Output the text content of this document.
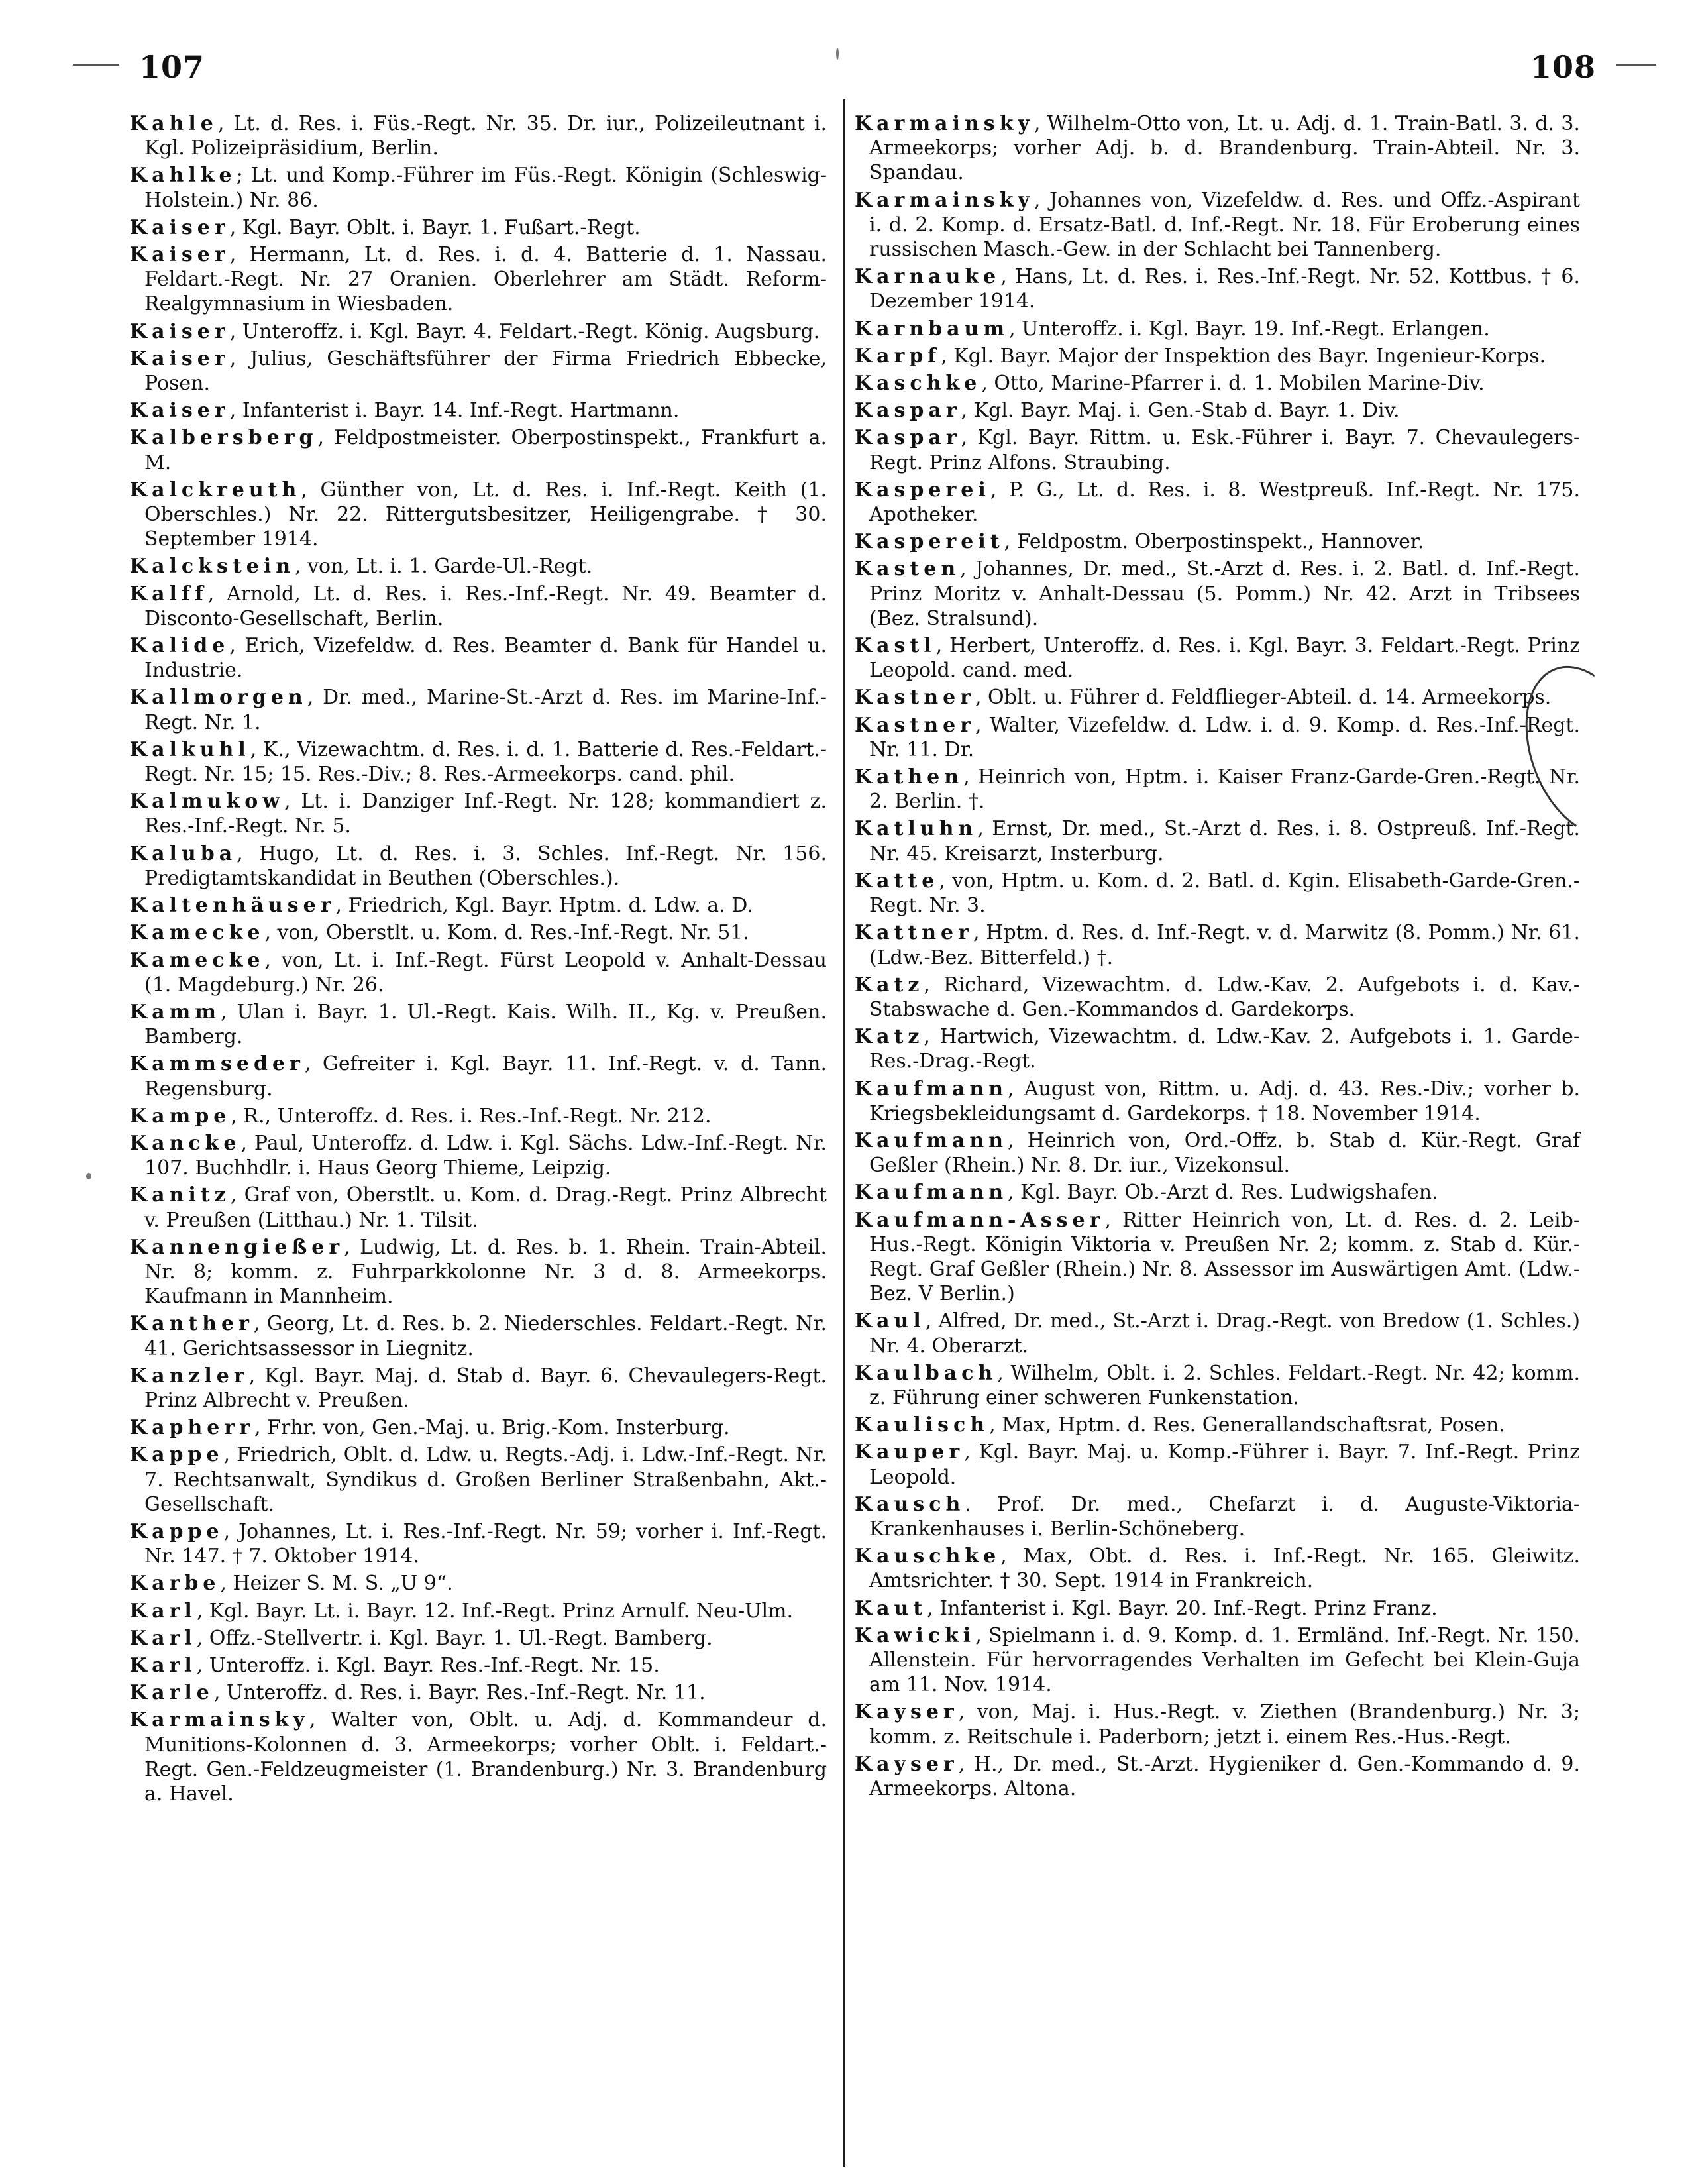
107	108

Kahle, Lt. d. Res. i. Füs.-Regt. Nr. 35. Dr. iur., Polizeileutnant i. Kgl. Polizeipräsidium, Berlin.

Kahlke; Lt. und Komp.-Führer im Füs.-Regt. Königin (Schleswig-Holstein.) Nr. 86.

Kaiser, Kgl. Bayr. Oblt. i. Bayr. 1. Fußart.-Regt.

Kaiser, Hermann, Lt. d. Res. i. d. 4. Batterie d. 1. Nassau. Feldart.-Regt. Nr. 27 Oranien. Oberlehrer am Städt. Reform-Realgymnasium in Wiesbaden.

Kaiser, Unteroffz. i. Kgl. Bayr. 4. Feldart.-Regt. König. Augsburg.

Kaiser, Julius, Geschäftsführer der Firma Friedrich Ebbecke, Posen.

Kaiser, Infanterist i. Bayr. 14. Inf.-Regt. Hartmann.

Kalbersberg, Feldpostmeister. Oberpostinspekt., Frankfurt a. M.

Kalckreuth, Günther von, Lt. d. Res. i. Inf.-Regt. Keith (1. Oberschles.) Nr. 22. Rittergutsbesitzer, Heiligengrabe. † 30. September 1914.

Kalckstein, von, Lt. i. 1. Garde-Ul.-Regt.

Kalff, Arnold, Lt. d. Res. i. Res.-Inf.-Regt. Nr. 49. Beamter d. Disconto-Gesellschaft, Berlin.

Kalide, Erich, Vizefeldw. d. Res. Beamter d. Bank für Handel u. Industrie.

Kallmorgen, Dr. med., Marine-St.-Arzt d. Res. im Marine-Inf.-Regt. Nr. 1.

Kalkuhl, K., Vizewachtm. d. Res. i. d. 1. Batterie d. Res.-Feldart.-Regt. Nr. 15; 15. Res.-Div.; 8. Res.-Armeekorps. cand. phil.

Kalmukow, Lt. i. Danziger Inf.-Regt. Nr. 128; kommandiert z. Res.-Inf.-Regt. Nr. 5.

Kaluba, Hugo, Lt. d. Res. i. 3. Schles. Inf.-Regt. Nr. 156. Predigtamtskandidat in Beuthen (Oberschles.).

Kaltenhäuser, Friedrich, Kgl. Bayr. Hptm. d. Ldw. a. D.

Kamecke, von, Oberstlt. u. Kom. d. Res.-Inf.-Regt. Nr. 51.

Kamecke, von, Lt. i. Inf.-Regt. Fürst Leopold v. Anhalt-Dessau (1. Magdeburg.) Nr. 26.

Kamm, Ulan i. Bayr. 1. Ul.-Regt. Kais. Wilh. II., Kg. v. Preußen. Bamberg.

Kammseder, Gefreiter i. Kgl. Bayr. 11. Inf.-Regt. v. d. Tann. Regensburg.

Kampe, R., Unteroffz. d. Res. i. Res.-Inf.-Regt. Nr. 212.

Kancke, Paul, Unteroffz. d. Ldw. i. Kgl. Sächs. Ldw.-Inf.-Regt. Nr. 107. Buchhdlr. i. Haus Georg Thieme, Leipzig.

Kanitz, Graf von, Oberstlt. u. Kom. d. Drag.-Regt. Prinz Albrecht v. Preußen (Litthau.) Nr. 1. Tilsit.

Kannengießer, Ludwig, Lt. d. Res. b. 1. Rhein. Train-Abteil. Nr. 8; komm. z. Fuhrparkkolonne Nr. 3 d. 8. Armeekorps. Kaufmann in Mannheim.

Kanther, Georg, Lt. d. Res. b. 2. Niederschles. Feldart.-Regt. Nr. 41. Gerichtsassessor in Liegnitz.

Kanzler, Kgl. Bayr. Maj. d. Stab d. Bayr. 6. Chevaulegers-Regt. Prinz Albrecht v. Preußen.

Kapherr, Frhr. von, Gen.-Maj. u. Brig.-Kom. Insterburg.

Kappe, Friedrich, Oblt. d. Ldw. u. Regts.-Adj. i. Ldw.-Inf.-Regt. Nr. 7. Rechtsanwalt, Syndikus d. Großen Berliner Straßenbahn, Akt.-Gesellschaft.

Kappe, Johannes, Lt. i. Res.-Inf.-Regt. Nr. 59; vorher i. Inf.-Regt. Nr. 147. † 7. Oktober 1914.

Karbe, Heizer S. M. S. „U 9“.

Karl, Kgl. Bayr. Lt. i. Bayr. 12. Inf.-Regt. Prinz Arnulf. Neu-Ulm.

Karl, Offz.-Stellvertr. i. Kgl. Bayr. 1. Ul.-Regt. Bamberg.

Karl, Unteroffz. i. Kgl. Bayr. Res.-Inf.-Regt. Nr. 15.

Karle, Unteroffz. d. Res. i. Bayr. Res.-Inf.-Regt. Nr. 11.

Karmainsky, Walter von, Oblt. u. Adj. d. Kommandeur d. Munitions-Kolonnen d. 3. Armeekorps; vorher Oblt. i. Feldart.-Regt. Gen.-Feldzeugmeister (1. Brandenburg.) Nr. 3. Brandenburg a. Havel.

Karmainsky, Wilhelm-Otto von, Lt. u. Adj. d. 1. Train-Batl. 3. d. 3. Armeekorps; vorher Adj. b. d. Brandenburg. Train-Abteil. Nr. 3. Spandau.

Karmainsky, Johannes von, Vizefeldw. d. Res. und Offz.-Aspirant i. d. 2. Komp. d. Ersatz-Batl. d. Inf.-Regt. Nr. 18. Für Eroberung eines russischen Masch.-Gew. in der Schlacht bei Tannenberg.

Karnauke, Hans, Lt. d. Res. i. Res.-Inf.-Regt. Nr. 52. Kottbus. † 6. Dezember 1914.

Karnbaum, Unteroffz. i. Kgl. Bayr. 19. Inf.-Regt. Erlangen.

Karpf, Kgl. Bayr. Major der Inspektion des Bayr. Ingenieur-Korps.

Kaschke, Otto, Marine-Pfarrer i. d. 1. Mobilen Marine-Div.

Kaspar, Kgl. Bayr. Maj. i. Gen.-Stab d. Bayr. 1. Div.

Kaspar, Kgl. Bayr. Rittm. u. Esk.-Führer i. Bayr. 7. Chevaulegers-Regt. Prinz Alfons. Straubing.

Kasperei, P. G., Lt. d. Res. i. 8. Westpreuß. Inf.-Regt. Nr. 175. Apotheker.

Kaspereit, Feldpostm. Oberpostinspekt., Hannover.

Kasten, Johannes, Dr. med., St.-Arzt d. Res. i. 2. Batl. d. Inf.-Regt. Prinz Moritz v. Anhalt-Dessau (5. Pomm.) Nr. 42. Arzt in Tribsees (Bez. Stralsund).

Kastl, Herbert, Unteroffz. d. Res. i. Kgl. Bayr. 3. Feldart.-Regt. Prinz Leopold. cand. med.

Kastner, Oblt. u. Führer d. Feldflieger-Abteil. d. 14. Armeekorps.

Kastner, Walter, Vizefeldw. d. Ldw. i. d. 9. Komp. d. Res.-Inf.-Regt. Nr. 11. Dr.

Kathen, Heinrich von, Hptm. i. Kaiser Franz-Garde-Gren.-Regt. Nr. 2. Berlin. †.

Katluhn, Ernst, Dr. med., St.-Arzt d. Res. i. 8. Ostpreuß. Inf.-Regt. Nr. 45. Kreisarzt, Insterburg.

Katte, von, Hptm. u. Kom. d. 2. Batl. d. Kgin. Elisabeth-Garde-Gren.-Regt. Nr. 3.

Kattner, Hptm. d. Res. d. Inf.-Regt. v. d. Marwitz (8. Pomm.) Nr. 61. (Ldw.-Bez. Bitterfeld.) †.

Katz, Richard, Vizewachtm. d. Ldw.-Kav. 2. Aufgebots i. d. Kav.-Stabswache d. Gen.-Kommandos d. Gardekorps.

Katz, Hartwich, Vizewachtm. d. Ldw.-Kav. 2. Aufgebots i. 1. Garde-Res.-Drag.-Regt.

Kaufmann, August von, Rittm. u. Adj. d. 43. Res.-Div.; vorher b. Kriegsbekleidungsamt d. Gardekorps. † 18. November 1914.

Kaufmann, Heinrich von, Ord.-Offz. b. Stab d. Kür.-Regt. Graf Geßler (Rhein.) Nr. 8. Dr. iur., Vizekonsul.

Kaufmann, Kgl. Bayr. Ob.-Arzt d. Res. Ludwigshafen.

Kaufmann-Asser, Ritter Heinrich von, Lt. d. Res. d. 2. Leib-Hus.-Regt. Königin Viktoria v. Preußen Nr. 2; komm. z. Stab d. Kür.-Regt. Graf Geßler (Rhein.) Nr. 8. Assessor im Auswärtigen Amt. (Ldw.-Bez. V Berlin.)

Kaul, Alfred, Dr. med., St.-Arzt i. Drag.-Regt. von Bredow (1. Schles.) Nr. 4. Oberarzt.

Kaulbach, Wilhelm, Oblt. i. 2. Schles. Feldart.-Regt. Nr. 42; komm. z. Führung einer schweren Funkenstation.

Kaulisch, Max, Hptm. d. Res. Generallandschaftsrat, Posen.

Kauper, Kgl. Bayr. Maj. u. Komp.-Führer i. Bayr. 7. Inf.-Regt. Prinz Leopold.

Kausch. Prof. Dr. med., Chefarzt i. d. Auguste-Viktoria-Krankenhauses i. Berlin-Schöneberg.

Kauschke, Max, Obt. d. Res. i. Inf.-Regt. Nr. 165. Gleiwitz. Amtsrichter. † 30. Sept. 1914 in Frankreich.

Kaut, Infanterist i. Kgl. Bayr. 20. Inf.-Regt. Prinz Franz.

Kawicki, Spielmann i. d. 9. Komp. d. 1. Ermländ. Inf.-Regt. Nr. 150. Allenstein. Für hervorragendes Verhalten im Gefecht bei Klein-Guja am 11. Nov. 1914.

Kayser, von, Maj. i. Hus.-Regt. v. Ziethen (Brandenburg.) Nr. 3; komm. z. Reitschule i. Paderborn; jetzt i. einem Res.-Hus.-Regt.

Kayser, H., Dr. med., St.-Arzt. Hygieniker d. Gen.-Kommando d. 9. Armeekorps. Altona.
